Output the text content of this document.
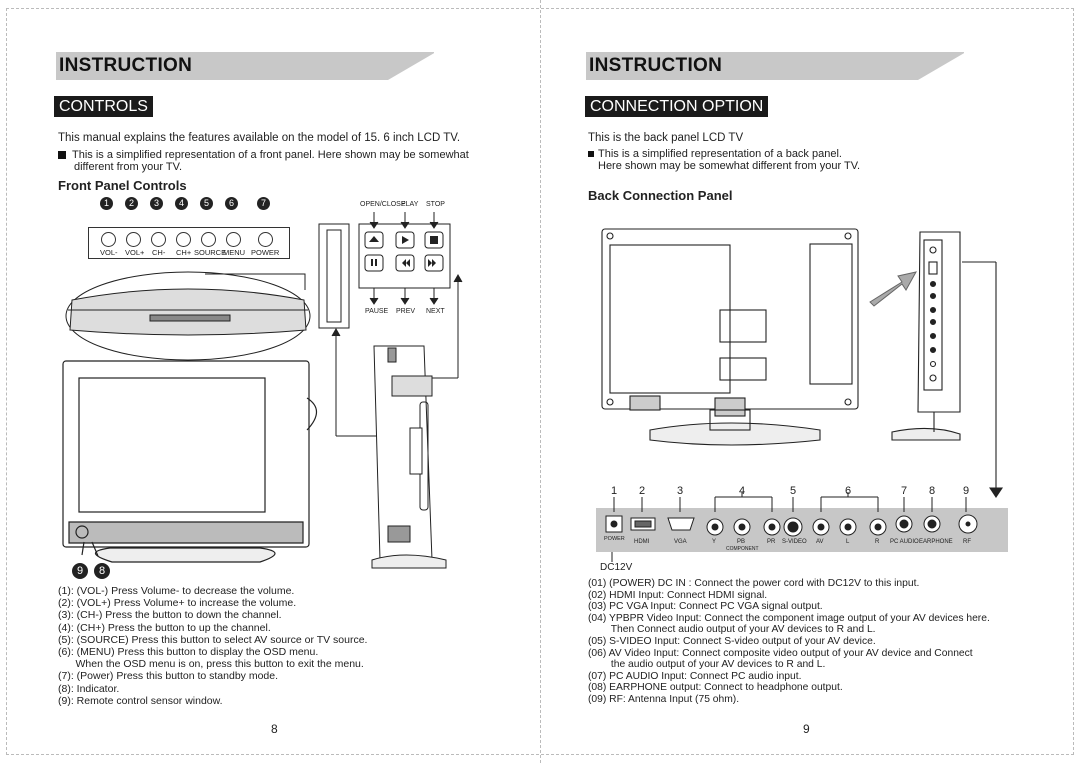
INSTRUCTION
CONTROLS
This manual explains the features available on the model of 15. 6 inch LCD TV.
This is a simplified representation of a front panel. Here shown may be somewhat
different from your TV.
Front Panel Controls
1	2	3	4	5	6	7
VOL- VOL+ CH- CH+ SOURCE
MENU POWER
OPEN/CLOSE
PLAY STOP
PAUSE PREV NEXT
9	8
(1): (VOL-) Press Volume- to decrease the volume.
(2): (VOL+) Press Volume+ to increase the volume.
(3): (CH-) Press the button to down the channel.
(4): (CH+) Press the button to up the channel.
(5): (SOURCE) Press this button to select AV source or TV source.
(6): (MENU) Press this button to display the OSD menu.
When the OSD menu is on, press this button to exit the menu.
(7): (Power) Press this button to standby mode.
(8): Indicator.
(9): Remote control sensor window.
8
INSTRUCTION
CONNECTION OPTION
This is the back panel LCD TV
This is a simplified representation of a back panel.
Here shown may be somewhat different from your TV.
Back Connection Panel
1 2	3	4	5	6	7 8	9
POWER HDMI	VGA	Y	PB	PR S-VIDEO AV	L	R PC AUDIO EARPHONE RF
COMPONENT
DC12V
(01) (POWER) DC IN : Connect the power cord with DC12V to this input.
(02) HDMI Input: Connect HDMI signal.
(03) PC VGA Input: Connect PC VGA signal output.
(04) YPBPR Video Input: Connect the component image output of your AV devices here.
Then Connect audio output of your AV devices to R and L.
(05) S-VIDEO Input: Connect S-video output of your AV device.
(06) AV Video Input: Connect composite video output of your AV device and Connect
the audio output of your AV devices to R and L.
(07) PC AUDIO Input: Connect PC audio input.
(08) EARPHONE output: Connect to headphone output.
(09) RF: Antenna Input (75 ohm).
9
